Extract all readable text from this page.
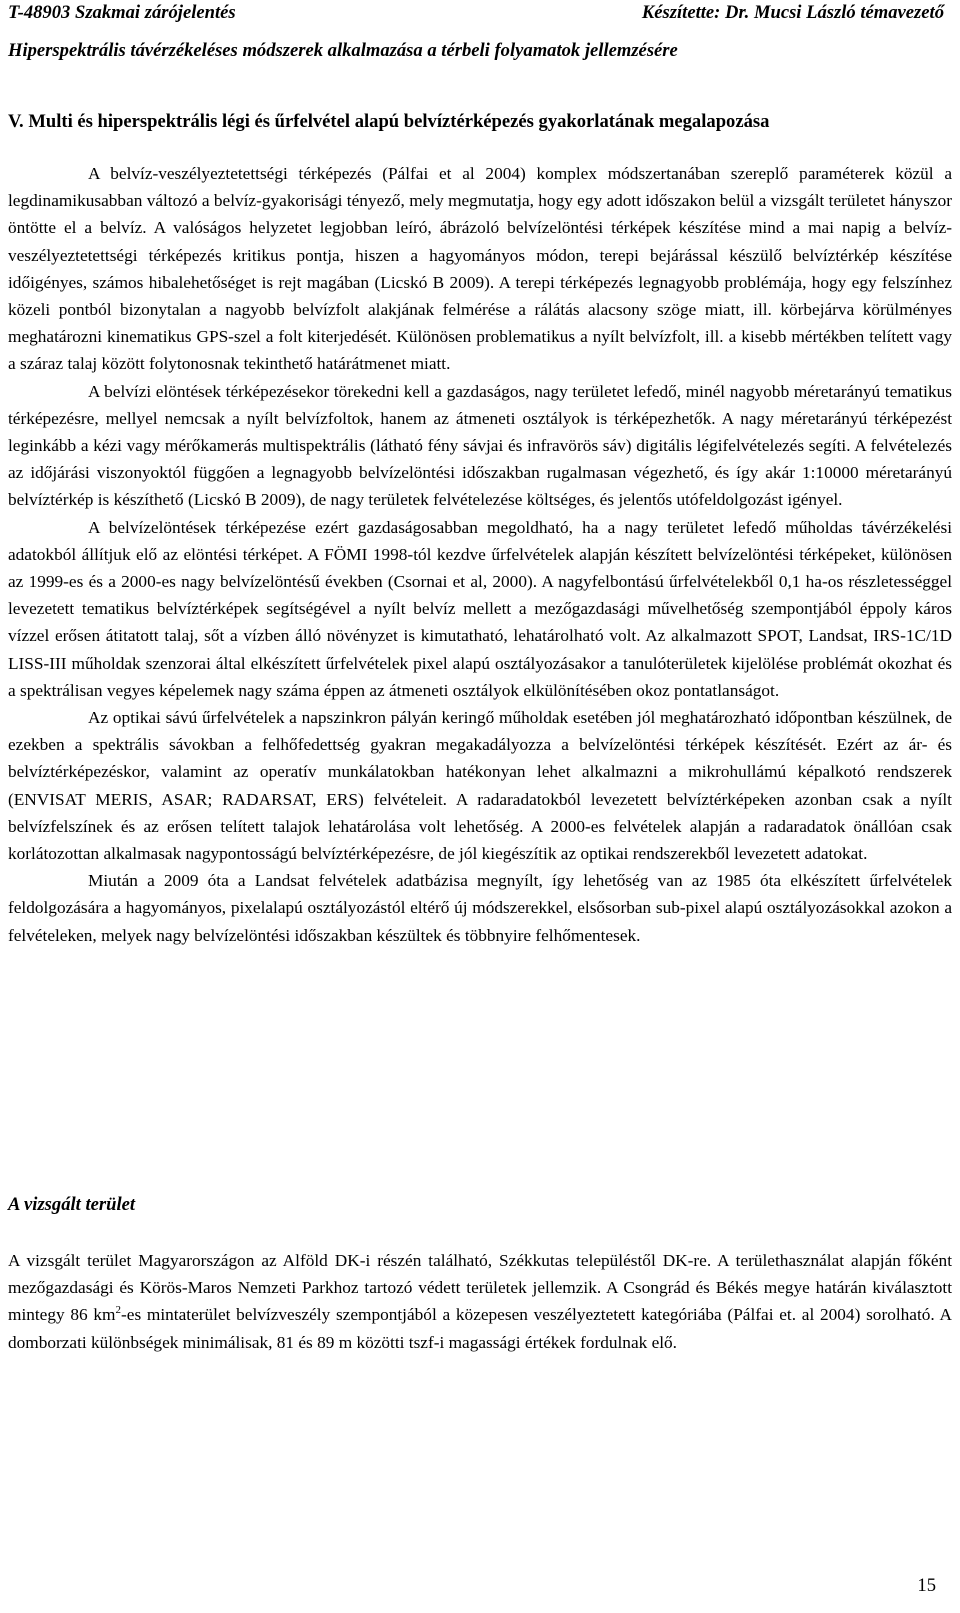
T-48903 Szakmai zárójelentés	Készítette: Dr. Mucsi László témavezető
Hiperspektrális távérzékeléses módszerek alkalmazása a térbeli folyamatok jellemzésére
V. Multi és hiperspektrális légi és űrfelvétel alapú belvíztérképezés gyakorlatának megalapozása

A belvíz-veszélyeztetettségi térképezés (Pálfai et al 2004) komplex módszertanában szereplő paraméterek közül a legdinamikusabban változó a belvíz-gyakorisági tényező, mely megmutatja, hogy egy adott időszakon belül a vizsgált területet hányszor öntötte el a belvíz. A valóságos helyzetet legjobban leíró, ábrázoló belvízelöntési térképek készítése mind a mai napig a belvíz-veszélyeztetettségi térképezés kritikus pontja, hiszen a hagyományos módon, terepi bejárással készülő belvíztérkép készítése időigényes, számos hibalehetőséget is rejt magában (Licskó B 2009). A terepi térképezés legnagyobb problémája, hogy egy felszínhez közeli pontból bizonytalan a nagyobb belvízfolt alakjának felmérése a rálátás alacsony szöge miatt, ill. körbejárva körülményes meghatározni kinematikus GPS-szel a folt kiterjedését. Különösen problematikus a nyílt belvízfolt, ill. a kisebb mértékben telített vagy a száraz talaj között folytonosnak tekinthető határátmenet miatt.

A belvízi elöntések térképezésekor törekedni kell a gazdaságos, nagy területet lefedő, minél nagyobb méretarányú tematikus térképezésre, mellyel nemcsak a nyílt belvízfoltok, hanem az átmeneti osztályok is térképezhetők. A nagy méretarányú térképezést leginkább a kézi vagy mérőkamerás multispektrális (látható fény sávjai és infravörös sáv) digitális légifelvételezés segíti. A felvételezés az időjárási viszonyoktól függően a legnagyobb belvízelöntési időszakban rugalmasan végezhető, és így akár 1:10000 méretarányú belvíztérkép is készíthető (Licskó B 2009), de nagy területek felvételezése költséges, és jelentős utófeldolgozást igényel.

A belvízelöntések térképezése ezért gazdaságosabban megoldható, ha a nagy területet lefedő műholdas távérzékelési adatokból állítjuk elő az elöntési térképet. A FÖMI 1998-tól kezdve űrfelvételek alapján készített belvízelöntési térképeket, különösen az 1999-es és a 2000-es nagy belvízelöntésű években (Csornai et al, 2000). A nagyfelbontású űrfelvételekből 0,1 ha-os részletességgel levezetett tematikus belvíztérképek segítségével a nyílt belvíz mellett a mezőgazdasági művelhetőség szempontjából éppoly káros vízzel erősen átitatott talaj, sőt a vízben álló növényzet is kimutatható, lehatárolható volt. Az alkalmazott SPOT, Landsat, IRS-1C/1D LISS-III műholdak szenzorai által elkészített űrfelvételek pixel alapú osztályozásakor a tanulóterületek kijelölése problémát okozhat és a spektrálisan vegyes képelemek nagy száma éppen az átmeneti osztályok elkülönítésében okoz pontatlanságot.

Az optikai sávú űrfelvételek a napszinkron pályán keringő műholdak esetében jól meghatározható időpontban készülnek, de ezekben a spektrális sávokban a felhőfedettség gyakran megakadályozza a belvízelöntési térképek készítését. Ezért az ár- és belvíztérképezéskor, valamint az operatív munkálatokban hatékonyan lehet alkalmazni a mikrohullámú képalkotó rendszerek (ENVISAT MERIS, ASAR; RADARSAT, ERS) felvételeit. A radaradatokból levezetett belvíztérképeken azonban csak a nyílt belvízfelszínek és az erősen telített talajok lehatárolása volt lehetőség. A 2000-es felvételek alapján a radaradatok önállóan csak korlátozottan alkalmasak nagypontosságú belvíztérképezésre, de jól kiegészítik az optikai rendszerekből levezetett adatokat.

Miután a 2009 óta a Landsat felvételek adatbázisa megnyílt, így lehetőség van az 1985 óta elkészített űrfelvételek feldolgozására a hagyományos, pixelalapú osztályozástól eltérő új módszerekkel, elsősorban sub-pixel alapú osztályozásokkal azokon a felvételeken, melyek nagy belvízelöntési időszakban készültek és többnyire felhőmentesek.

A vizsgált terület

A vizsgált terület Magyarországon az Alföld DK-i részén található, Székkutas településtől DK-re. A területhasználat alapján főként mezőgazdasági és Körös-Maros Nemzeti Parkhoz tartozó védett területek jellemzik. A Csongrád és Békés megye határán kiválasztott mintegy 86 $km^2-es$ mintaterület belvízveszély szempontjából a közepesen veszélyeztetett kategóriába (Pálfai et. al 2004) sorolható. A domborzati különbségek minimálisak, 81 és 89 m közötti tszf-i magassági értékek fordulnak elő.

15
